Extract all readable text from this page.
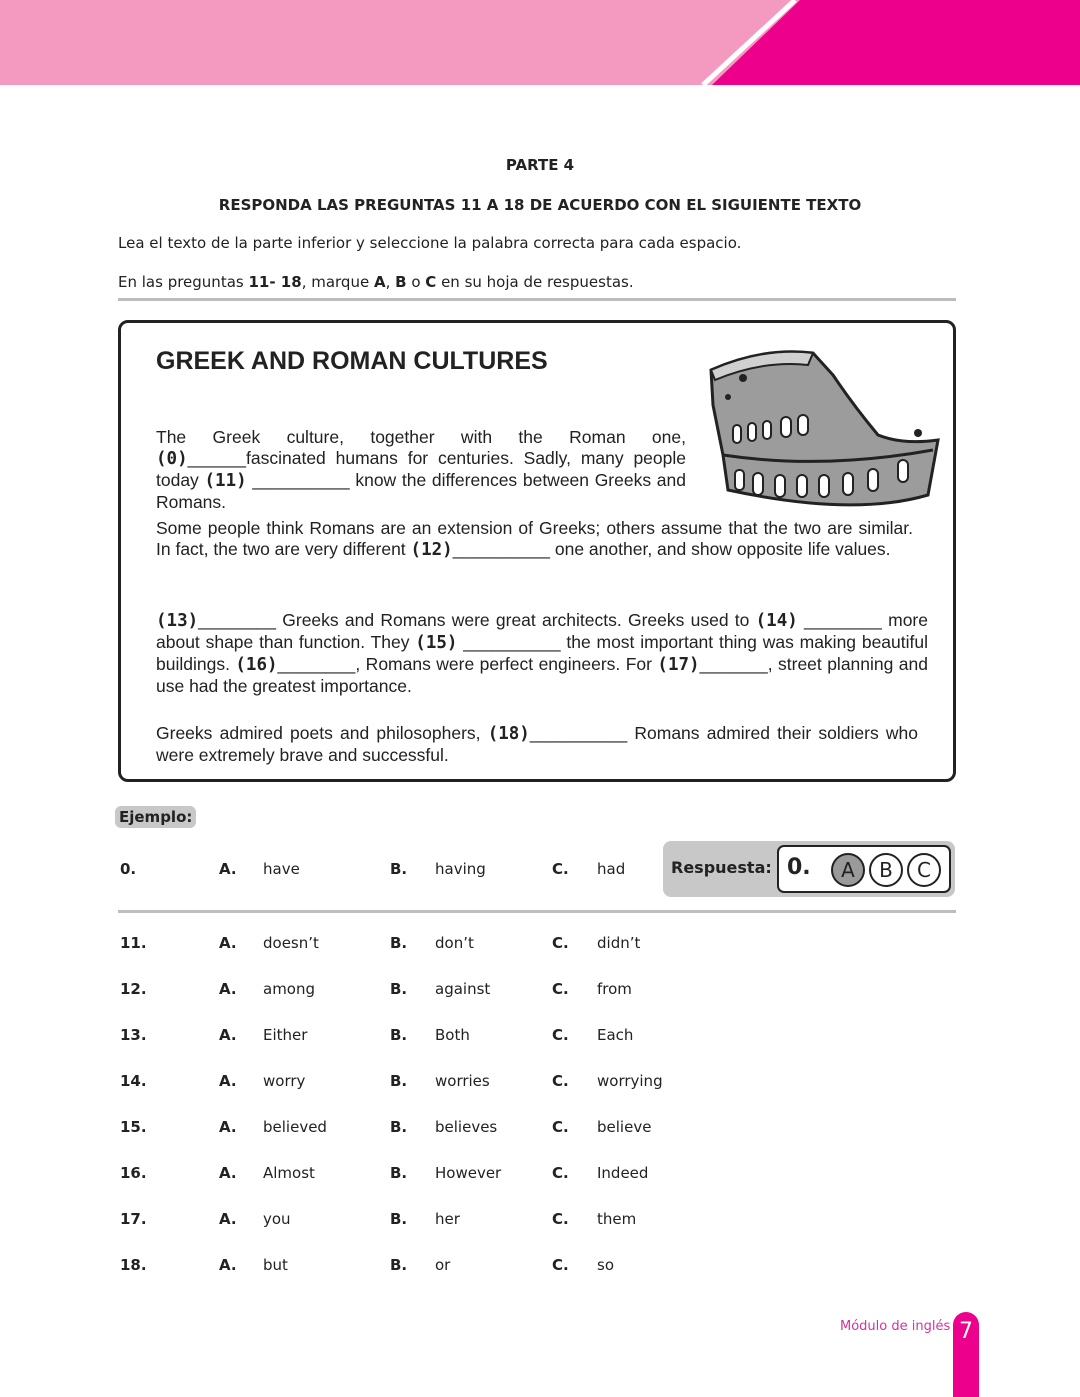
PARTE 4
RESPONDA LAS PREGUNTAS 11 A 18 DE ACUERDO CON EL SIGUIENTE TEXTO
Lea el texto de la parte inferior y seleccione la palabra correcta para cada espacio.
En las preguntas 11- 18, marque A, B o C en su hoja de respuestas.
GREEK AND ROMAN CULTURES
The Greek culture, together with the Roman one,(0)______fascinated humans for centuries. Sadly, many people today (11) __________ know the differences between Greeks and Romans.
Some people think Romans are an extension of Greeks; others assume that the two are similar. In fact, the two are very different (12)__________ one another, and show opposite life values.
(13)________ Greeks and Romans were great architects. Greeks used to (14) ________ more about shape than function. They (15) __________ the most important thing was making beautiful buildings. (16)________, Romans were perfect engineers. For (17)_______, street planning and use had the greatest importance.
Greeks admired poets and philosophers, (18)__________ Romans admired their soldiers who were extremely brave and successful.
Ejemplo:
0.	A. have	B. having	C. had	Respuesta: 0.	A	B	C
11.	A. doesn’t	B. don’t	C. didn’t
12.	A. among	B. against	C. from
13.	A. Either	B. Both	C. Each
14.	A. worry	B. worries	C. worrying
15.	A. believed	B. believes	C. believe
16.	A. Almost	B. However	C. Indeed
17.	A. you	B. her	C. them
18.	A. but	B. or	C. so
Módulo de inglés 7
